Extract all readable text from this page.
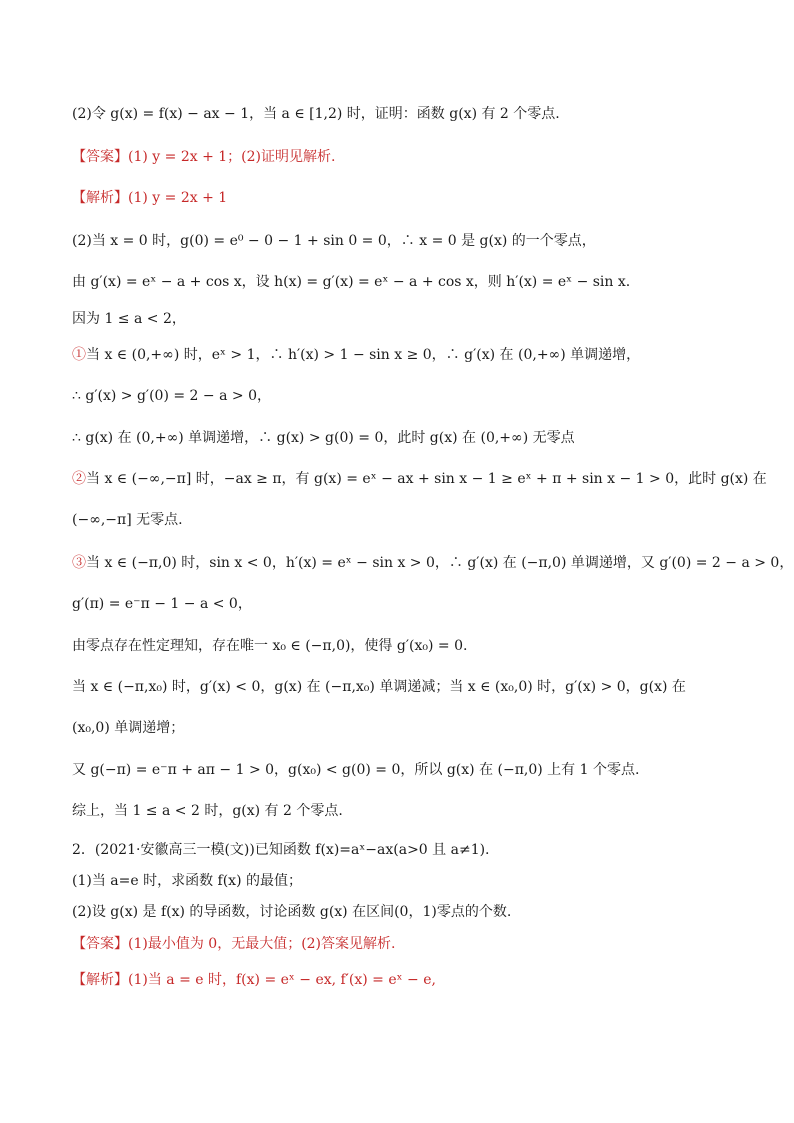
(2)令 g(x) = f(x) − ax − 1，当 a ∈ [1,2) 时，证明：函数 g(x) 有 2 个零点.
【答案】(1) y = 2x + 1；(2)证明见解析.
【解析】(1) y = 2x + 1
(2)当 x = 0 时，g(0) = e⁰ − 0 − 1 + sin 0 = 0，∴ x = 0 是 g(x) 的一个零点，
由 g′(x) = eˣ − a + cos x，设 h(x) = g′(x) = eˣ − a + cos x，则 h′(x) = eˣ − sin x.
因为 1 ≤ a < 2，
①当 x ∈ (0,+∞) 时，eˣ > 1，∴ h′(x) > 1 − sin x ≥ 0，∴ g′(x) 在 (0,+∞) 单调递增，
∴ g′(x) > g′(0) = 2 − a > 0，
∴ g(x) 在 (0,+∞) 单调递增，∴ g(x) > g(0) = 0，此时 g(x) 在 (0,+∞) 无零点
②当 x ∈ (−∞,−π] 时，−ax ≥ π，有 g(x) = eˣ − ax + sin x − 1 ≥ eˣ + π + sin x − 1 > 0，此时 g(x) 在
(−∞,−π] 无零点.
③当 x ∈ (−π,0) 时，sin x < 0，h′(x) = eˣ − sin x > 0，∴ g′(x) 在 (−π,0) 单调递增，又 g′(0) = 2 − a > 0，
g′(π) = e⁻π − 1 − a < 0，
由零点存在性定理知，存在唯一 x₀ ∈ (−π,0)，使得 g′(x₀) = 0.
当 x ∈ (−π,x₀) 时，g′(x) < 0，g(x) 在 (−π,x₀) 单调递减；当 x ∈ (x₀,0) 时，g′(x) > 0，g(x) 在
(x₀,0) 单调递增；
又 g(−π) = e⁻π + aπ − 1 > 0，g(x₀) < g(0) = 0，所以 g(x) 在 (−π,0) 上有 1 个零点.
综上，当 1 ≤ a < 2 时，g(x) 有 2 个零点.
2．(2021·安徽高三一模(文))已知函数 f(x)=aˣ−ax(a>0 且 a≠1).
(1)当 a=e 时，求函数 f(x) 的最值；
(2)设 g(x) 是 f(x) 的导函数，讨论函数 g(x) 在区间(0，1)零点的个数.
【答案】(1)最小值为 0，无最大值；(2)答案见解析.
【解析】(1)当 a = e 时，f(x) = eˣ − ex, f′(x) = eˣ − e,
